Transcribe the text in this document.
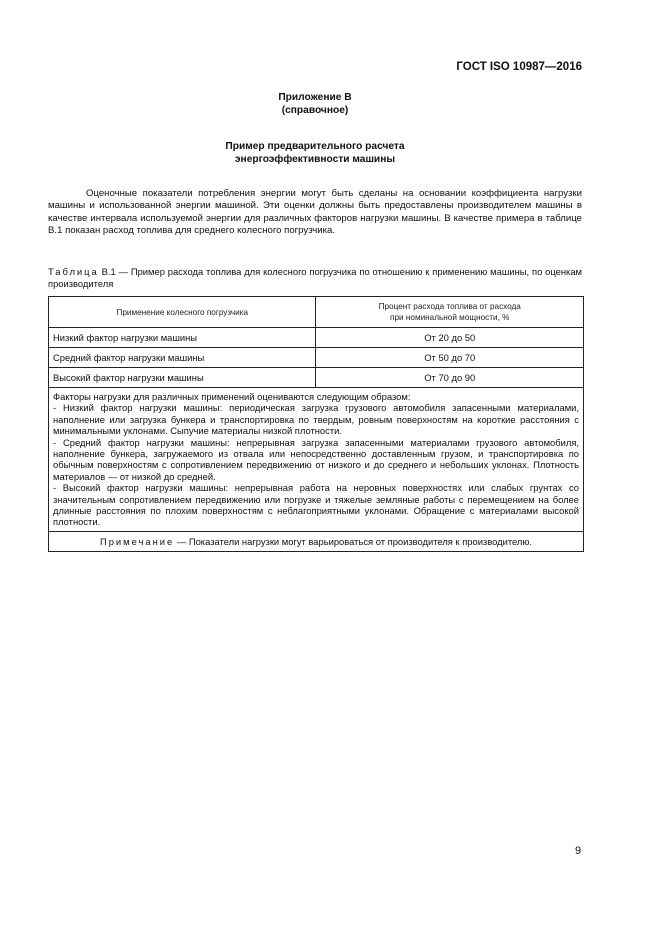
ГОСТ ISO 10987—2016
Приложение В
(справочное)
Пример предварительного расчета
энергоэффективности машины

Оценочные показатели потребления энергии могут быть сделаны на основании коэффициента нагрузки машины и использованной энергии машиной. Эти оценки должны быть предоставлены производителем машины в качестве интервала используемой энергии для различных факторов нагрузки машины. В качестве примера в таблице В.1 показан расход топлива для среднего колесного погрузчика.

Таблица В.1 — Пример расхода топлива для колесного погрузчика по отношению к применению машины, по оценкам производителя

Применение колесного погрузчика	Процент расхода топлива от расхода
при номинальной мощности, %

Низкий фактор нагрузки машины	От 20 до 50
Средний фактор нагрузки машины	От 50 до 70
Высокий фактор нагрузки машины	От 70 до 90

Факторы нагрузки для различных применений оцениваются следующим образом:
- Низкий фактор нагрузки машины: периодическая загрузка грузового автомобиля запасенными материалами, наполнение или загрузка бункера и транспортировка по твердым, ровным поверхностям на короткие расстояния с минимальными уклонами. Сыпучие материалы низкой плотности.
- Средний фактор нагрузки машины: непрерывная загрузка запасенными материалами грузового автомобиля, наполнение бункера, загружаемого из отвала или непосредственно доставленным грузом, и транспортировка по обычным поверхностям с сопротивлением передвижению от низкого и до среднего и небольших уклонах. Плотность материалов — от низкой до средней.
- Высокий фактор нагрузки машины: непрерывная работа на неровных поверхностях или слабых грунтах со значительным сопротивлением передвижению или погрузке и тяжелые земляные работы с перемещением на более длинные расстояния по плохим поверхностям с неблагоприятными уклонами. Обращение с материалами высокой плотности.	

Примечание — Показатели нагрузки могут варьироваться от производителя к производителю.	
9
